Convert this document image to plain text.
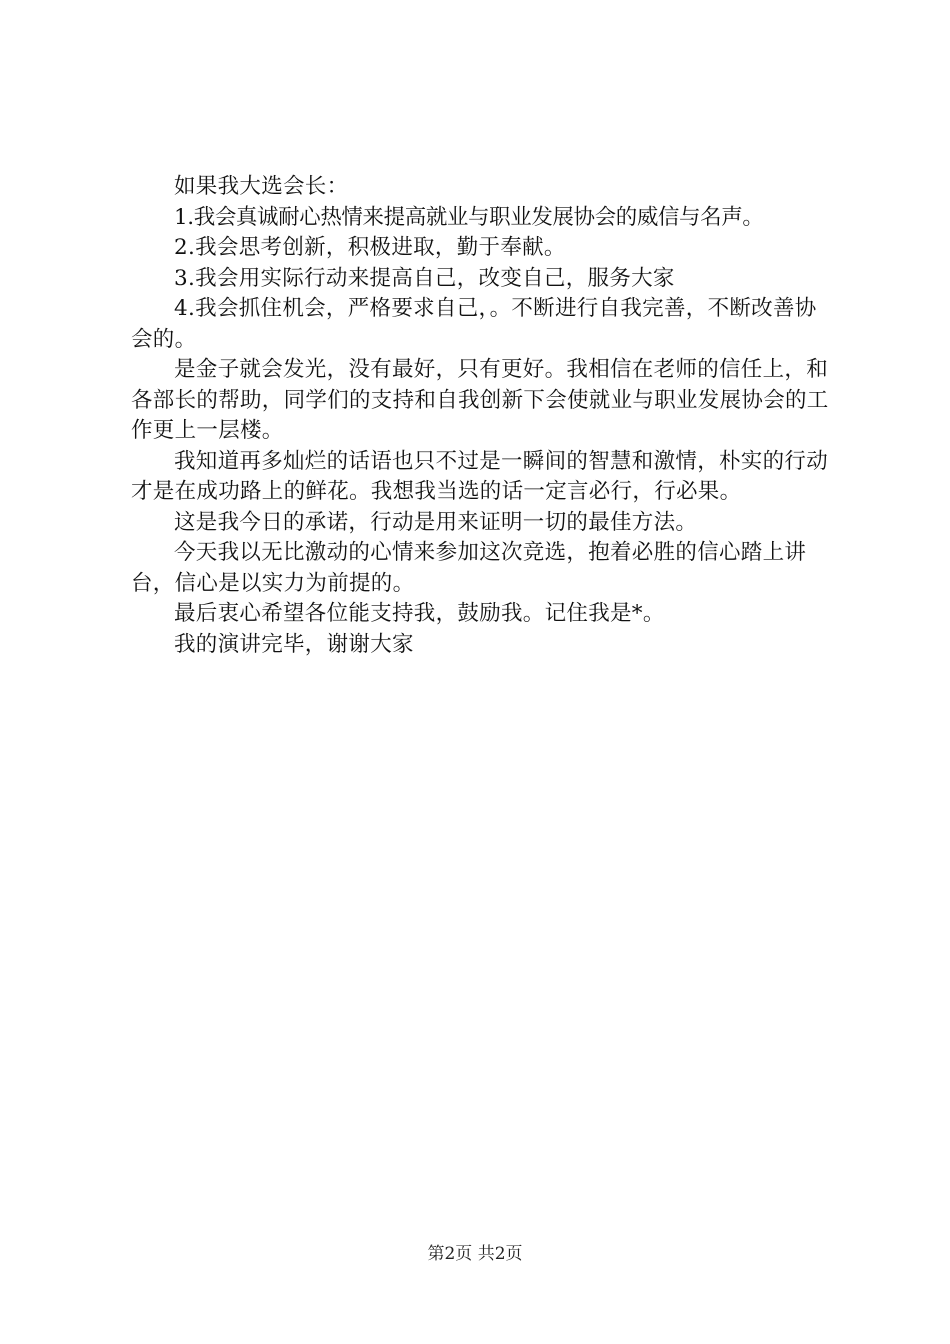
如果我大选会长：

1.我会真诚耐心热情来提高就业与职业发展协会的威信与名声。

2.我会思考创新，积极进取，勤于奉献。

3.我会用实际行动来提高自己，改变自己，服务大家

4.我会抓住机会，严格要求自己，。不断进行自我完善，不断改善协会的。

是金子就会发光，没有最好，只有更好。我相信在老师的信任上，和各部长的帮助，同学们的支持和自我创新下会使就业与职业发展协会的工作更上一层楼。

我知道再多灿烂的话语也只不过是一瞬间的智慧和激情，朴实的行动才是在成功路上的鲜花。我想我当选的话一定言必行，行必果。

这是我今日的承诺，行动是用来证明一切的最佳方法。

今天我以无比激动的心情来参加这次竞选，抱着必胜的信心踏上讲台，信心是以实力为前提的。

最后衷心希望各位能支持我，鼓励我。记住我是*。

我的演讲完毕，谢谢大家

第2页 共2页
